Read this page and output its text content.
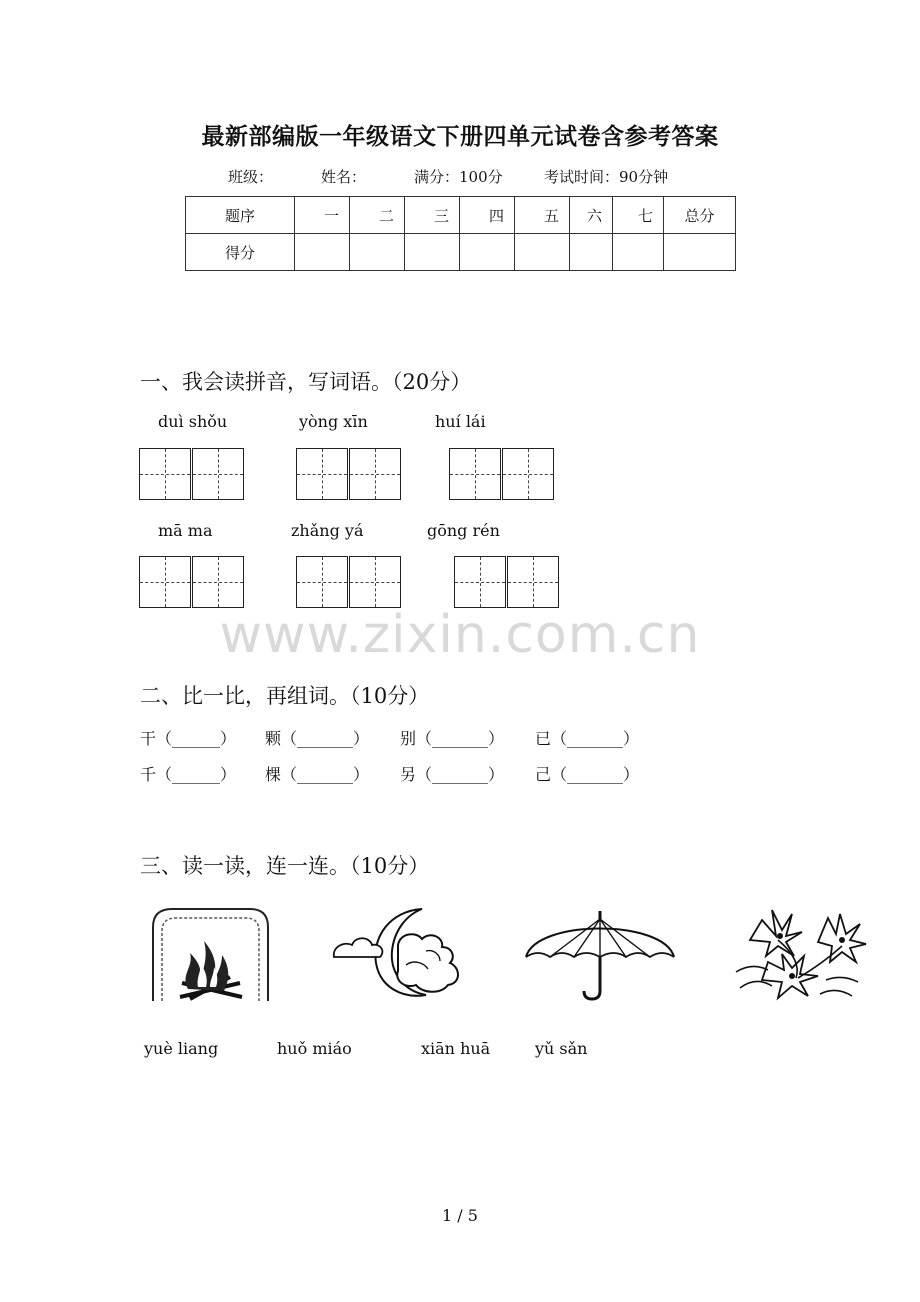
最新部编版一年级语文下册四单元试卷含参考答案
班级：	姓名：	满分：100分	考试时间：90分钟
题序	一	二	三	四	五	六	七	总分
得分								
一、我会读拼音，写词语。（20分）
duì shǒu	yòng xīn	huí lái
mā ma	zhǎng yá	gōng rén
www.zixin.com.cn
二、比一比，再组词。（10分）
干（______） 颗（_______） 别（_______） 已（_______）
千（______） 棵（_______） 另（_______） 己（_______）
三、读一读，连一连。（10分）
yuè liang	huǒ miáo	xiān huā	yǔ sǎn
1 / 5
